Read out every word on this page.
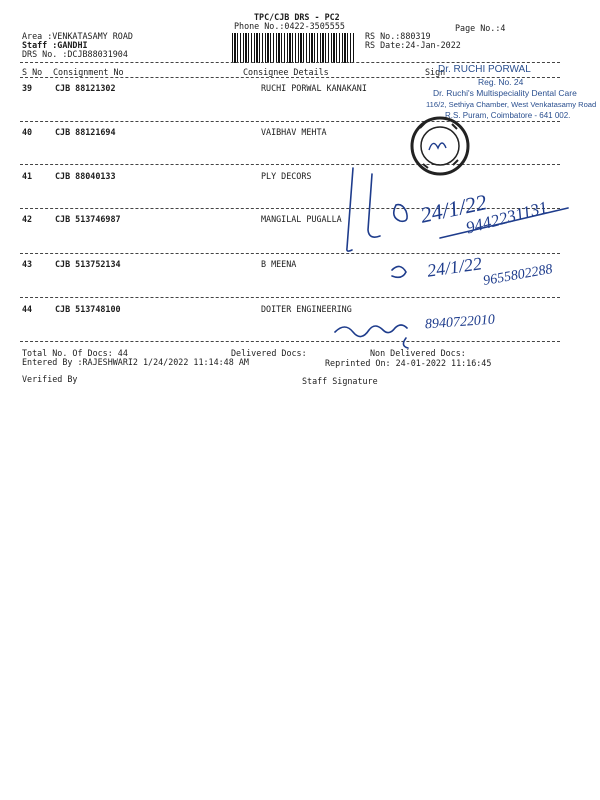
TPC/CJB DRS - PC2
Phone No.:0422-3505555
Area :VENKATASAMY ROAD
Staff :GANDHI
DRS No. :DCJB88031904
RS No.:880319
RS Date:24-Jan-2022
Page No.:4
S No Consignment No	Consignee Details	Sign
39	CJB 88121302	RUCHI PORWAL KANAKANI
40	CJB 88121694	VAIBHAV MEHTA
41	CJB 88040133	PLY DECORS
42	CJB 513746987	MANGILAL PUGALLA
43	CJB 513752134	B MEENA
44	CJB 513748100	DOITER ENGINEERING
Total No. Of Docs: 44	Delivered Docs:	Non Delivered Docs:
Entered By :RAJESHWARI2 1/24/2022 11:14:48 AM	Reprinted On: 24-01-2022 11:16:45
Verified By	Staff Signature
Dr. RUCHI PORWAL
Reg. No. 24
Dr. Ruchi's Multispeciality Dental Care
116/2, Sethiya Chamber, West Venkatasamy Road
R.S. Puram, Coimbatore - 641 002.
24/1/22
9442231131
24/1/22 9655802288
8940722010
